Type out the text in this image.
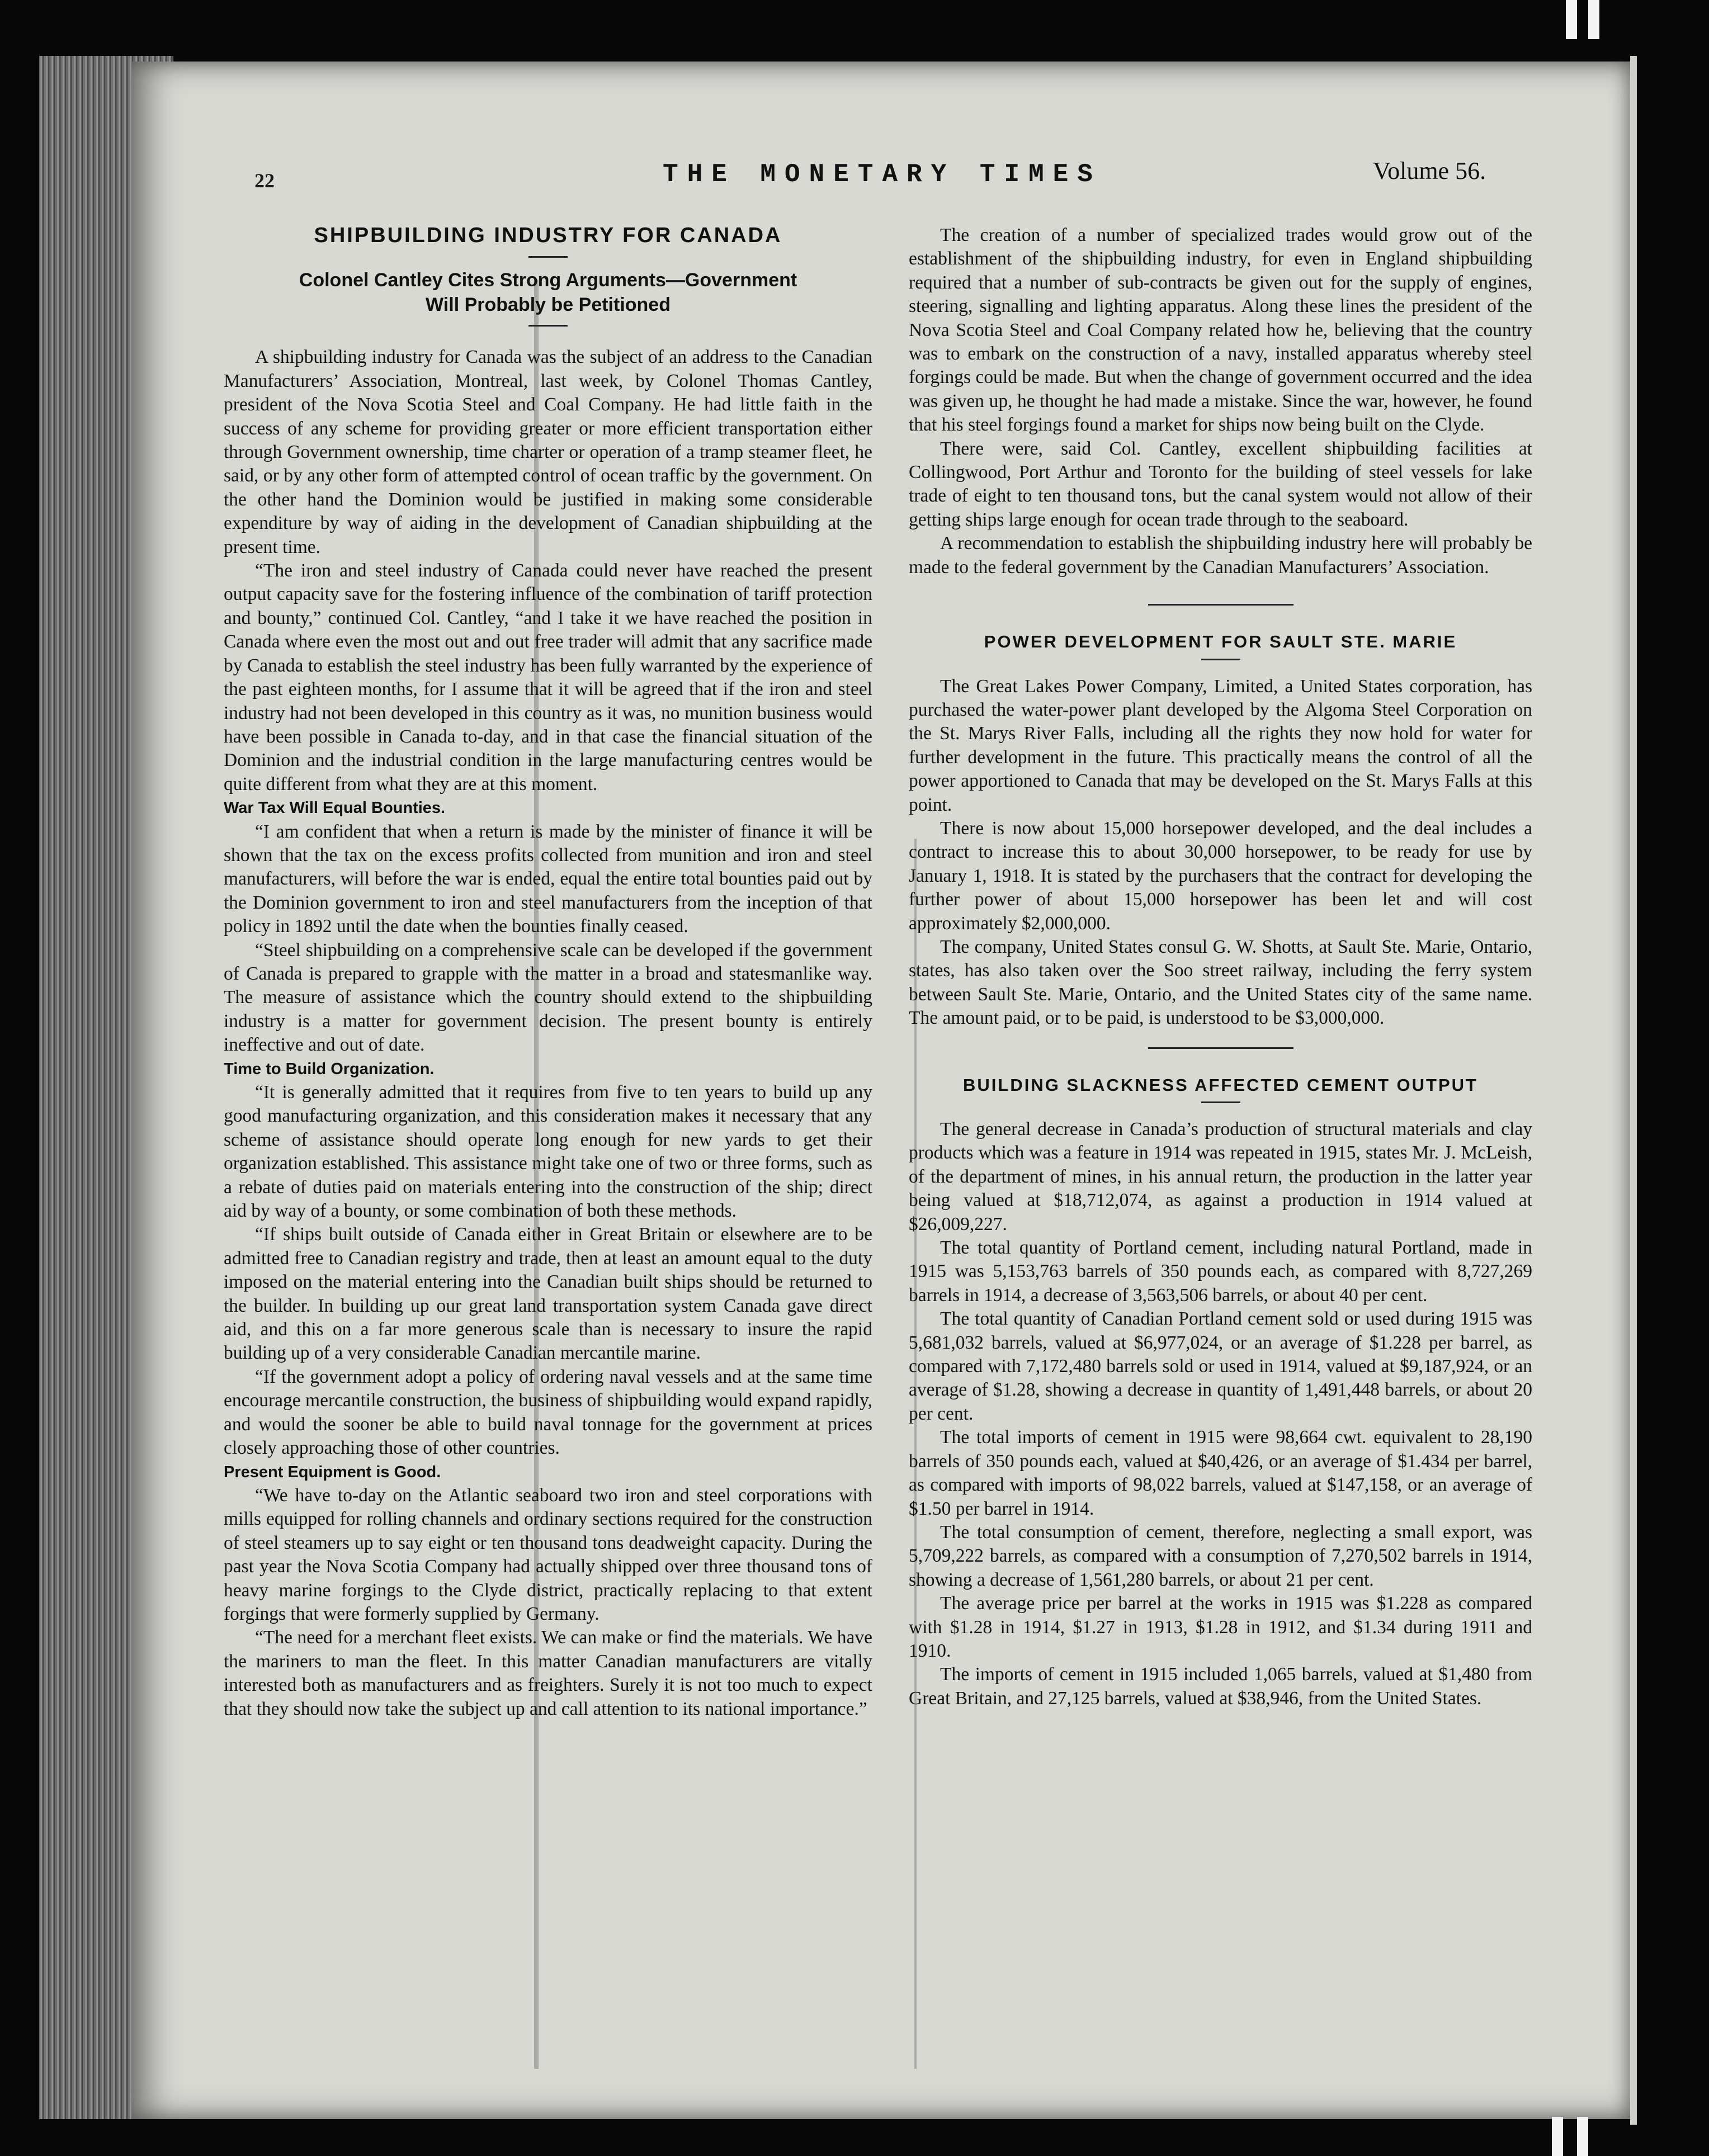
22	THE MONETARY TIMES	Volume 56.
SHIPBUILDING INDUSTRY FOR CANADA
Colonel Cantley Cites Strong Arguments—Government
Will Probably be Petitioned

A shipbuilding industry for Canada was the subject of an address to the Canadian Manufacturers’ Association, Montreal, last week, by Colonel Thomas Cantley, president of the Nova Scotia Steel and Coal Company. He had little faith in the success of any scheme for providing greater or more efficient transportation either through Government ownership, time charter or operation of a tramp steamer fleet, he said, or by any other form of attempted control of ocean traffic by the government. On the other hand the Dominion would be justified in making some considerable expenditure by way of aiding in the development of Canadian shipbuilding at the present time.

“The iron and steel industry of Canada could never have reached the present output capacity save for the fostering influence of the combination of tariff protection and bounty,” continued Col. Cantley, “and I take it we have reached the position in Canada where even the most out and out free trader will admit that any sacrifice made by Canada to establish the steel industry has been fully warranted by the experience of the past eighteen months, for I assume that it will be agreed that if the iron and steel industry had not been developed in this country as it was, no munition business would have been possible in Canada to-day, and in that case the financial situation of the Dominion and the industrial condition in the large manufacturing centres would be quite different from what they are at this moment.

War Tax Will Equal Bounties.

“I am confident that when a return is made by the minister of finance it will be shown that the tax on the excess profits collected from munition and iron and steel manufacturers, will before the war is ended, equal the entire total bounties paid out by the Dominion government to iron and steel manufacturers from the inception of that policy in 1892 until the date when the bounties finally ceased.

“Steel shipbuilding on a comprehensive scale can be developed if the government of Canada is prepared to grapple with the matter in a broad and statesmanlike way. The measure of assistance which the country should extend to the shipbuilding industry is a matter for government decision. The present bounty is entirely ineffective and out of date.

Time to Build Organization.

“It is generally admitted that it requires from five to ten years to build up any good manufacturing organization, and this consideration makes it necessary that any scheme of assistance should operate long enough for new yards to get their organization established. This assistance might take one of two or three forms, such as a rebate of duties paid on materials entering into the construction of the ship; direct aid by way of a bounty, or some combination of both these methods.

“If ships built outside of Canada either in Great Britain or elsewhere are to be admitted free to Canadian registry and trade, then at least an amount equal to the duty imposed on the material entering into the Canadian built ships should be returned to the builder. In building up our great land transportation system Canada gave direct aid, and this on a far more generous scale than is necessary to insure the rapid building up of a very considerable Canadian mercantile marine.

“If the government adopt a policy of ordering naval vessels and at the same time encourage mercantile construction, the business of shipbuilding would expand rapidly, and would the sooner be able to build naval tonnage for the government at prices closely approaching those of other countries.

Present Equipment is Good.

“We have to-day on the Atlantic seaboard two iron and steel corporations with mills equipped for rolling channels and ordinary sections required for the construction of steel steamers up to say eight or ten thousand tons deadweight capacity. During the past year the Nova Scotia Company had actually shipped over three thousand tons of heavy marine forgings to the Clyde district, practically replacing to that extent forgings that were formerly supplied by Germany.

“The need for a merchant fleet exists. We can make or find the materials. We have the mariners to man the fleet. In this matter Canadian manufacturers are vitally interested both as manufacturers and as freighters. Surely it is not too much to expect that they should now take the subject up and call attention to its national importance.”

The creation of a number of specialized trades would grow out of the establishment of the shipbuilding industry, for even in England shipbuilding required that a number of sub-contracts be given out for the supply of engines, steering, signalling and lighting apparatus. Along these lines the president of the Nova Scotia Steel and Coal Company related how he, believing that the country was to embark on the construction of a navy, installed apparatus whereby steel forgings could be made. But when the change of government occurred and the idea was given up, he thought he had made a mistake. Since the war, however, he found that his steel forgings found a market for ships now being built on the Clyde.

There were, said Col. Cantley, excellent shipbuilding facilities at Collingwood, Port Arthur and Toronto for the building of steel vessels for lake trade of eight to ten thousand tons, but the canal system would not allow of their getting ships large enough for ocean trade through to the seaboard.

A recommendation to establish the shipbuilding industry here will probably be made to the federal government by the Canadian Manufacturers’ Association.

POWER DEVELOPMENT FOR SAULT STE. MARIE

The Great Lakes Power Company, Limited, a United States corporation, has purchased the water-power plant developed by the Algoma Steel Corporation on the St. Marys River Falls, including all the rights they now hold for water for further development in the future. This practically means the control of all the power apportioned to Canada that may be developed on the St. Marys Falls at this point.

There is now about 15,000 horsepower developed, and the deal includes a contract to increase this to about 30,000 horsepower, to be ready for use by January 1, 1918. It is stated by the purchasers that the contract for developing the further power of about 15,000 horsepower has been let and will cost approximately $2,000,000.

The company, United States consul G. W. Shotts, at Sault Ste. Marie, Ontario, states, has also taken over the Soo street railway, including the ferry system between Sault Ste. Marie, Ontario, and the United States city of the same name. The amount paid, or to be paid, is understood to be $3,000,000.

BUILDING SLACKNESS AFFECTED CEMENT OUTPUT

The general decrease in Canada’s production of structural materials and clay products which was a feature in 1914 was repeated in 1915, states Mr. J. McLeish, of the department of mines, in his annual return, the production in the latter year being valued at $18,712,074, as against a production in 1914 valued at $26,009,227.

The total quantity of Portland cement, including natural Portland, made in 1915 was 5,153,763 barrels of 350 pounds each, as compared with 8,727,269 barrels in 1914, a decrease of 3,563,506 barrels, or about 40 per cent.

The total quantity of Canadian Portland cement sold or used during 1915 was 5,681,032 barrels, valued at $6,977,024, or an average of $1.228 per barrel, as compared with 7,172,480 barrels sold or used in 1914, valued at $9,187,924, or an average of $1.28, showing a decrease in quantity of 1,491,448 barrels, or about 20 per cent.

The total imports of cement in 1915 were 98,664 cwt. equivalent to 28,190 barrels of 350 pounds each, valued at $40,426, or an average of $1.434 per barrel, as compared with imports of 98,022 barrels, valued at $147,158, or an average of $1.50 per barrel in 1914.

The total consumption of cement, therefore, neglecting a small export, was 5,709,222 barrels, as compared with a consumption of 7,270,502 barrels in 1914, showing a decrease of 1,561,280 barrels, or about 21 per cent.

The average price per barrel at the works in 1915 was $1.228 as compared with $1.28 in 1914, $1.27 in 1913, $1.28 in 1912, and $1.34 during 1911 and 1910.

The imports of cement in 1915 included 1,065 barrels, valued at $1,480 from Great Britain, and 27,125 barrels, valued at $38,946, from the United States.
